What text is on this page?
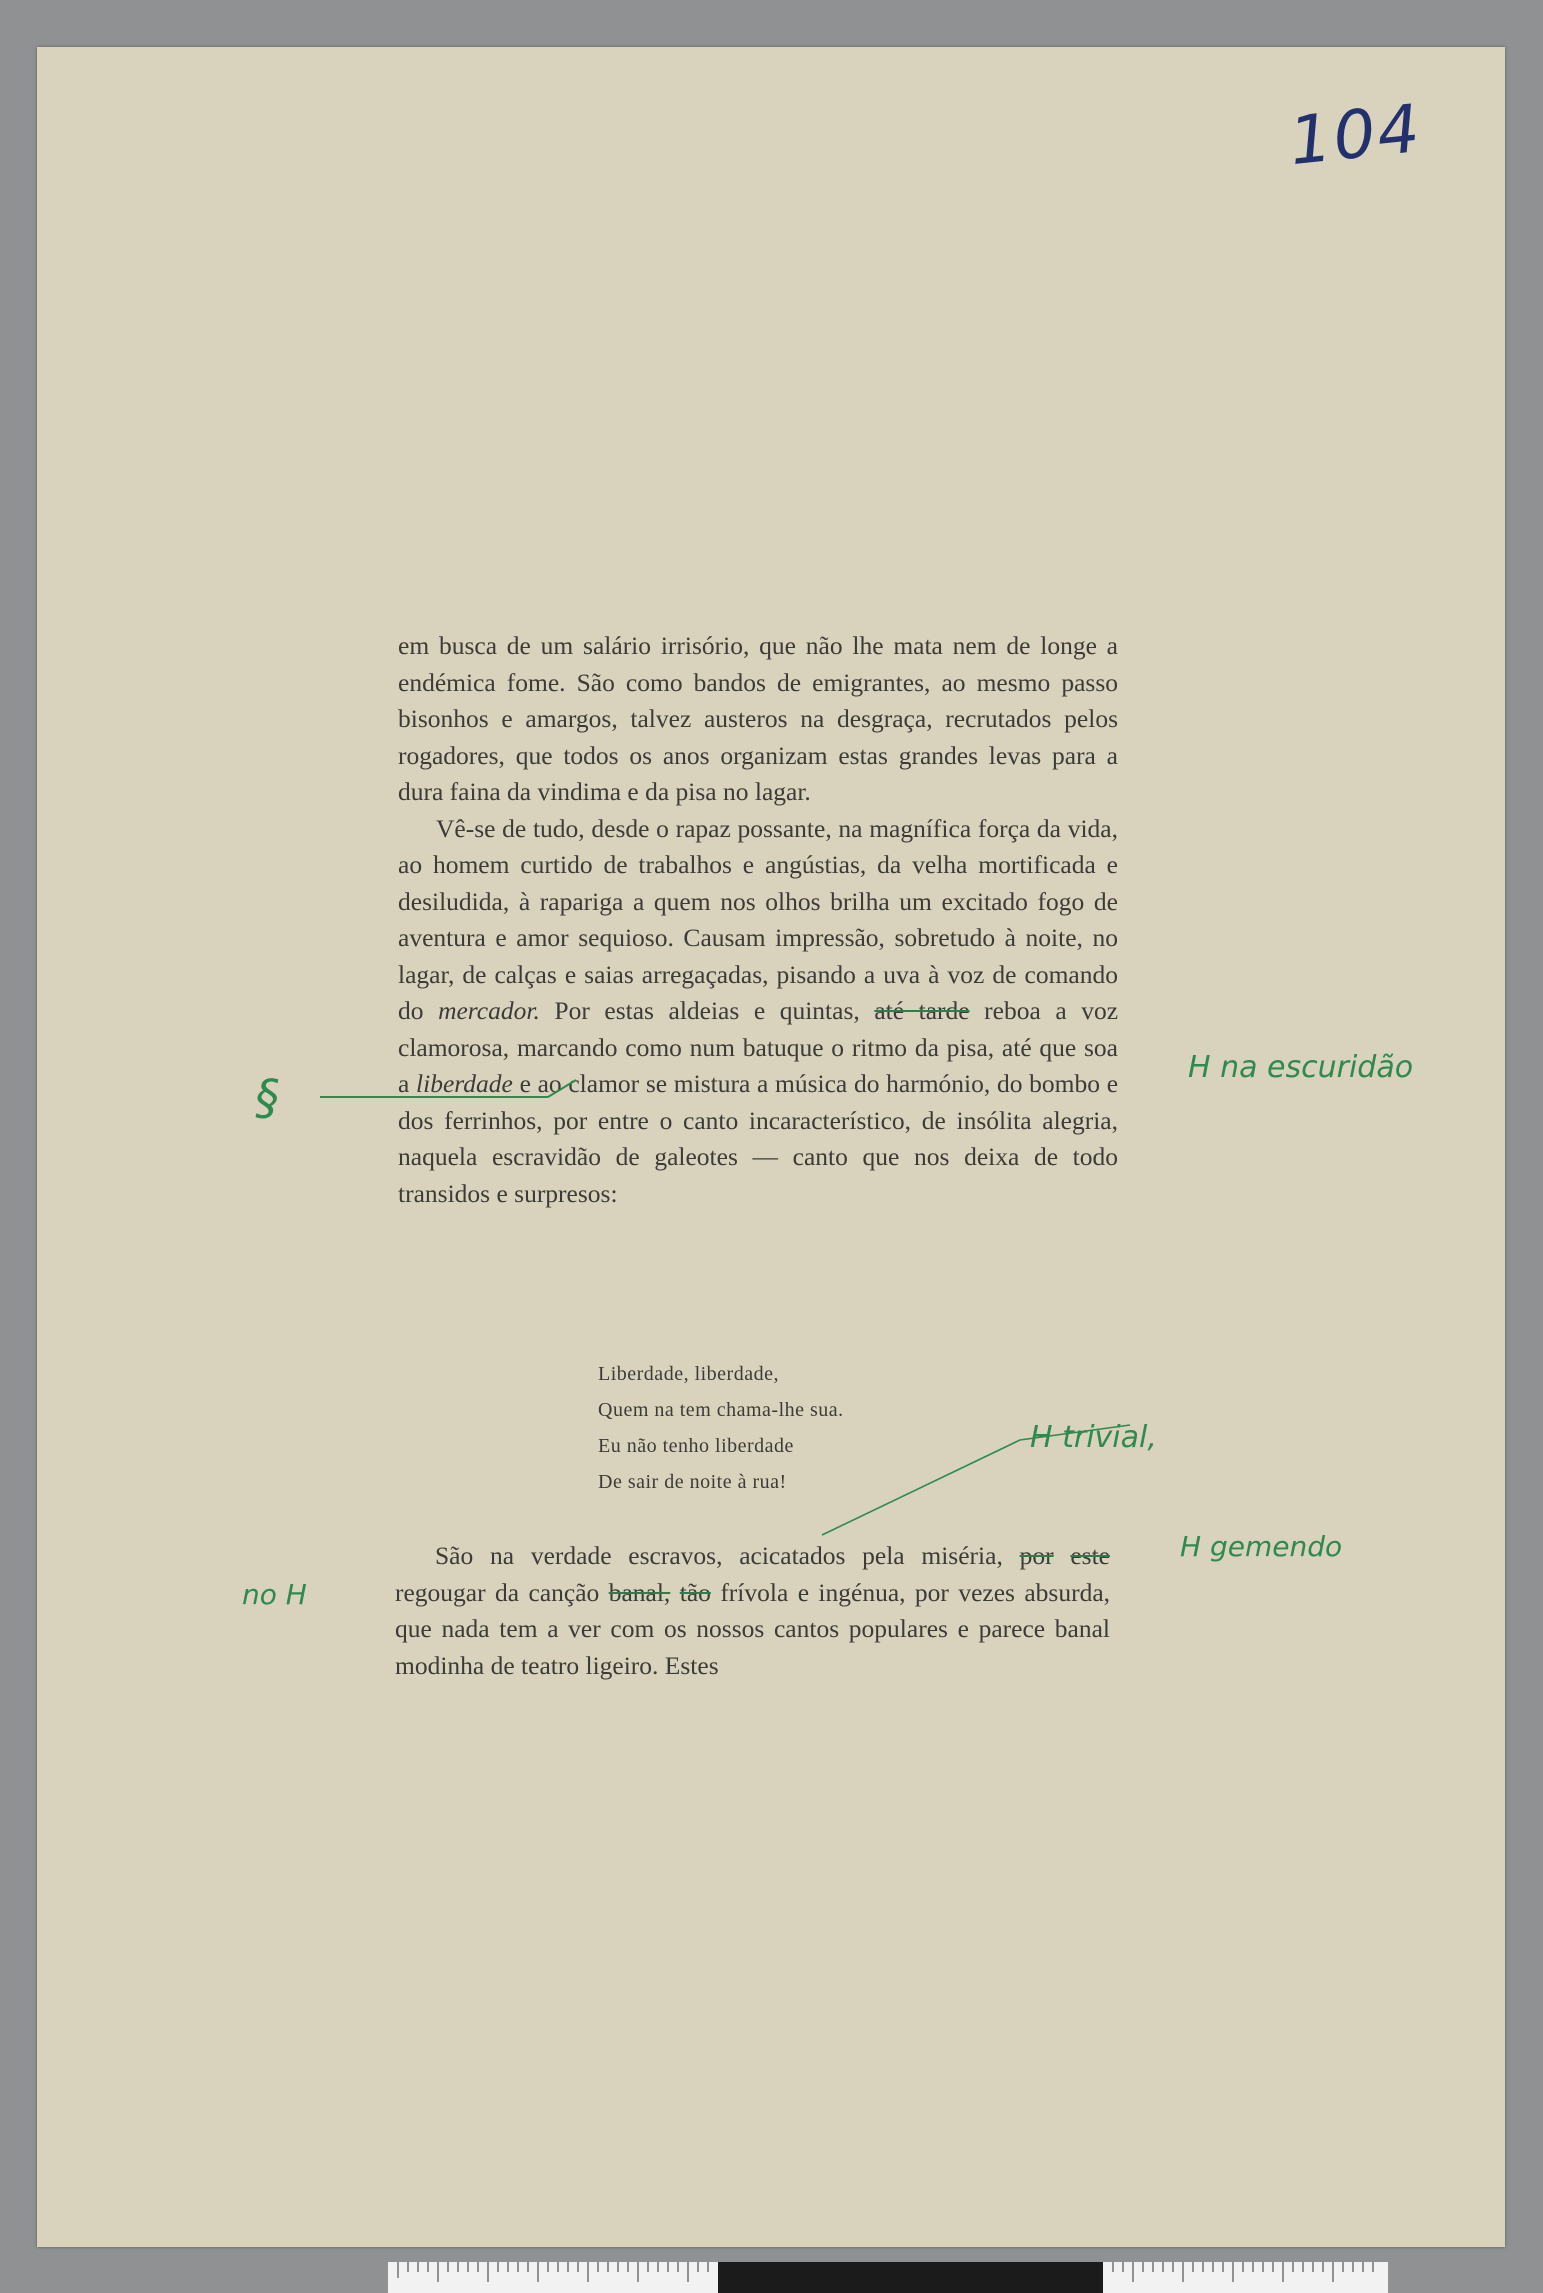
104

em busca de um salário irrisório, que não lhe mata nem de longe a endémica fome. São como bandos de emigrantes, ao mesmo passo bisonhos e amargos, talvez austeros na desgraça, recrutados pelos rogadores, que todos os anos organizam estas grandes levas para a dura faina da vindima e da pisa no lagar.

Vê-se de tudo, desde o rapaz possante, na magnífica força da vida, ao homem curtido de trabalhos e angústias, da velha mortificada e desiludida, à rapariga a quem nos olhos brilha um excitado fogo de aventura e amor sequioso. Causam impressão, sobretudo à noite, no lagar, de calças e saias arregaçadas, pisando a uva à voz de comando do mercador. Por estas aldeias e quintas, até tarde reboa a voz clamorosa, marcando como num batuque o ritmo da pisa, até que soa a liberdade e ao clamor se mistura a música do harmónio, do bombo e dos ferrinhos, por entre o canto incaracterístico, de insólita alegria, naquela escravidão de galeotes — canto que nos deixa de todo transidos e surpresos:

Liberdade, liberdade,
Quem na tem chama-lhe sua.
Eu não tenho liberdade
De sair de noite à rua!

São na verdade escravos, acicatados pela miséria, por este regougar da canção banal, tão frívola e ingénua, por vezes absurda, que nada tem a ver com os nossos cantos populares e parece banal modinha de teatro ligeiro. Estes

§
H na escuridão
H trivial,
H gemendo
no H
